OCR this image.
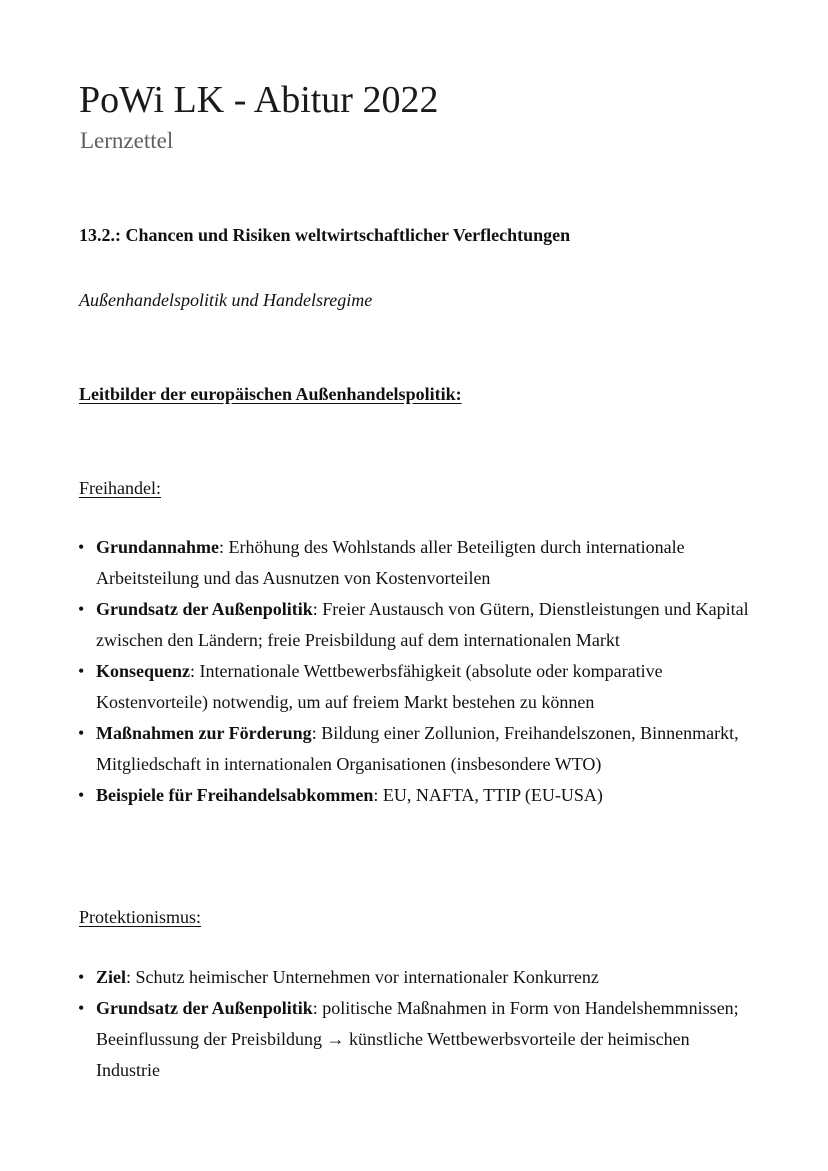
PoWi LK - Abitur 2022
Lernzettel
13.2.: Chancen und Risiken weltwirtschaftlicher Verflechtungen
Außenhandelspolitik und Handelsregime
Leitbilder der europäischen Außenhandelspolitik:
Freihandel:
• Grundannahme: Erhöhung des Wohlstands aller Beteiligten durch internationale Arbeitsteilung und das Ausnutzen von Kostenvorteilen
• Grundsatz der Außenpolitik: Freier Austausch von Gütern, Dienstleistungen und Kapital zwischen den Ländern; freie Preisbildung auf dem internationalen Markt
• Konsequenz: Internationale Wettbewerbsfähigkeit (absolute oder komparative Kostenvorteile) notwendig, um auf freiem Markt bestehen zu können
• Maßnahmen zur Förderung: Bildung einer Zollunion, Freihandelszonen, Binnenmarkt, Mitgliedschaft in internationalen Organisationen (insbesondere WTO)
• Beispiele für Freihandelsabkommen: EU, NAFTA, TTIP (EU-USA)
Protektionismus:
• Ziel: Schutz heimischer Unternehmen vor internationaler Konkurrenz
• Grundsatz der Außenpolitik: politische Maßnahmen in Form von Handelshemmnissen; Beeinflussung der Preisbildung → künstliche Wettbewerbsvorteile der heimischen Industrie
